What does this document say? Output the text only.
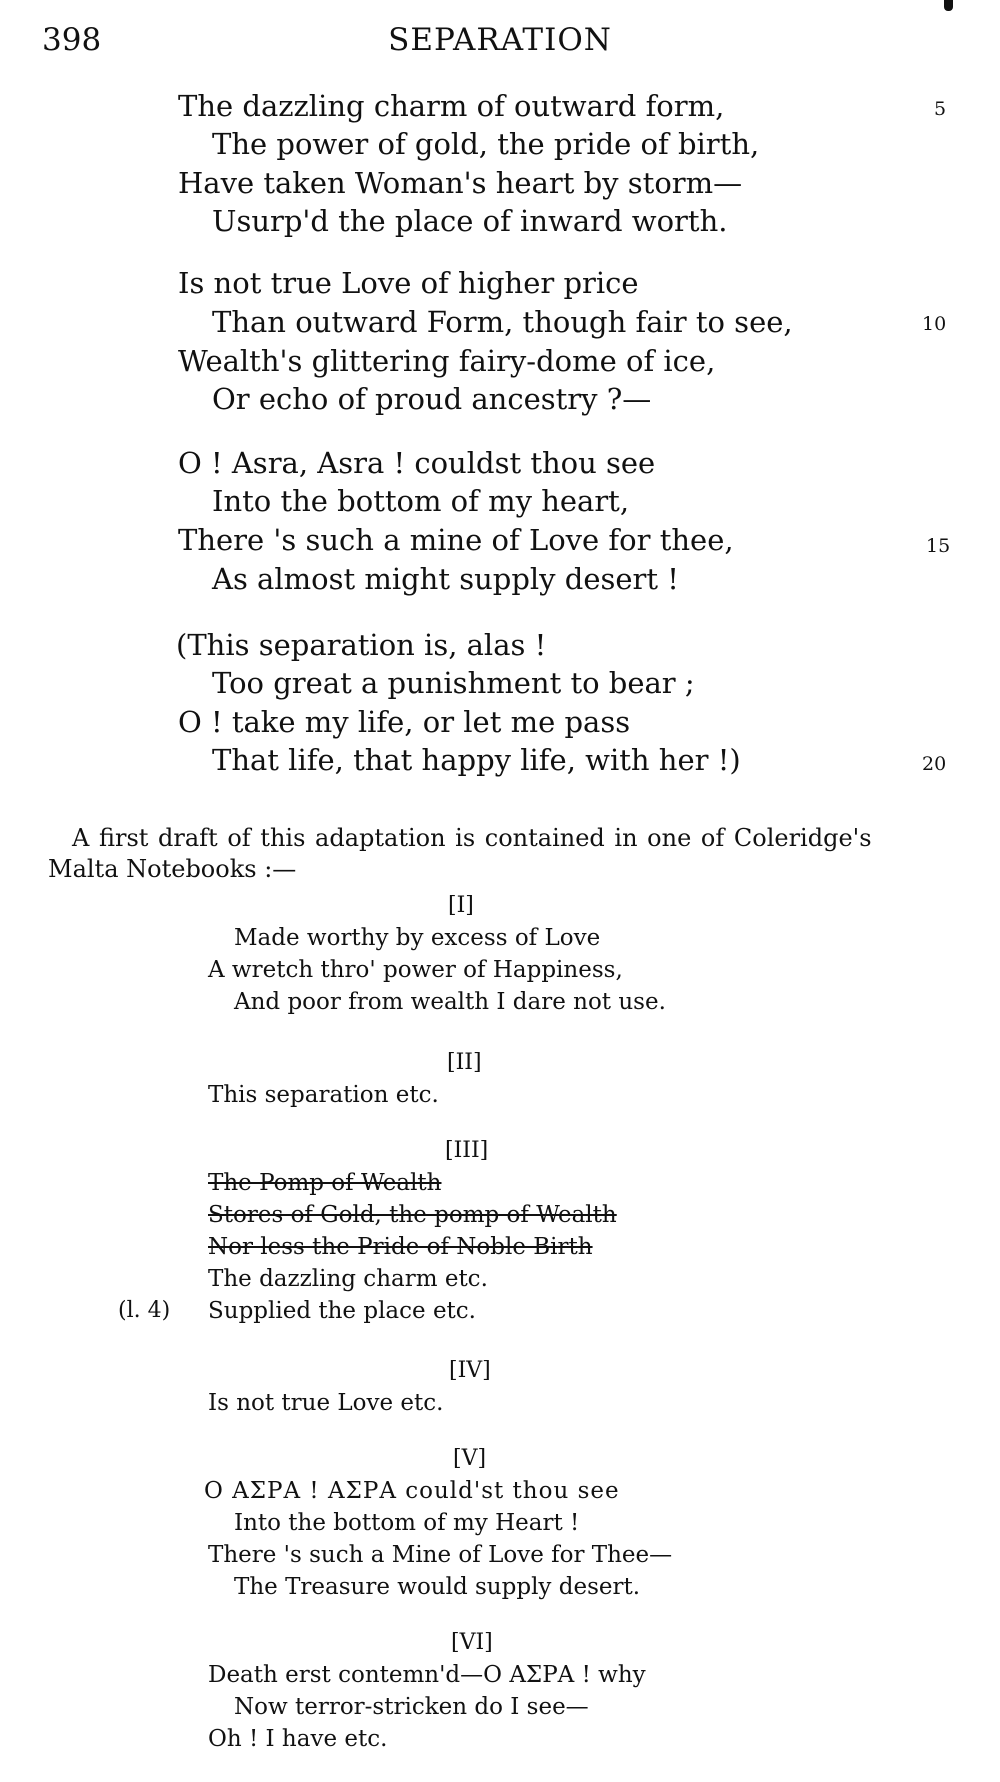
398	SEPARATION
The dazzling charm of outward form,
The power of gold, the pride of birth,
Have taken Woman's heart by storm—
Usurp'd the place of inward worth.
Is not true Love of higher price
Than outward Form, though fair to see,
Wealth's glittering fairy-dome of ice,
Or echo of proud ancestry ?—
O ! Asra, Asra ! couldst thou see
Into the bottom of my heart,
There 's such a mine of Love for thee,
As almost might supply desert !
(This separation is, alas !
Too great a punishment to bear ;
O ! take my life, or let me pass
That life, that happy life, with her !)
5
10
15
20
A first draft of this adaptation is contained in one of Coleridge's
Malta Notebooks :—
[I]
Made worthy by excess of Love
A wretch thro' power of Happiness,
And poor from wealth I dare not use.
[II]
This separation etc.
[III]
The Pomp of Wealth
Stores of Gold, the pomp of Wealth
Nor less the Pride of Noble Birth
The dazzling charm etc.
(l. 4) Supplied the place etc.
[IV]
Is not true Love etc.
[V]
O ΑΣΡΑ ! ΑΣΡΑ could'st thou see
Into the bottom of my Heart !
There 's such a Mine of Love for Thee—
The Treasure would supply desert.
[VI]
Death erst contemn'd—O ΑΣΡΑ ! why
Now terror-stricken do I see—
Oh ! I have etc.
